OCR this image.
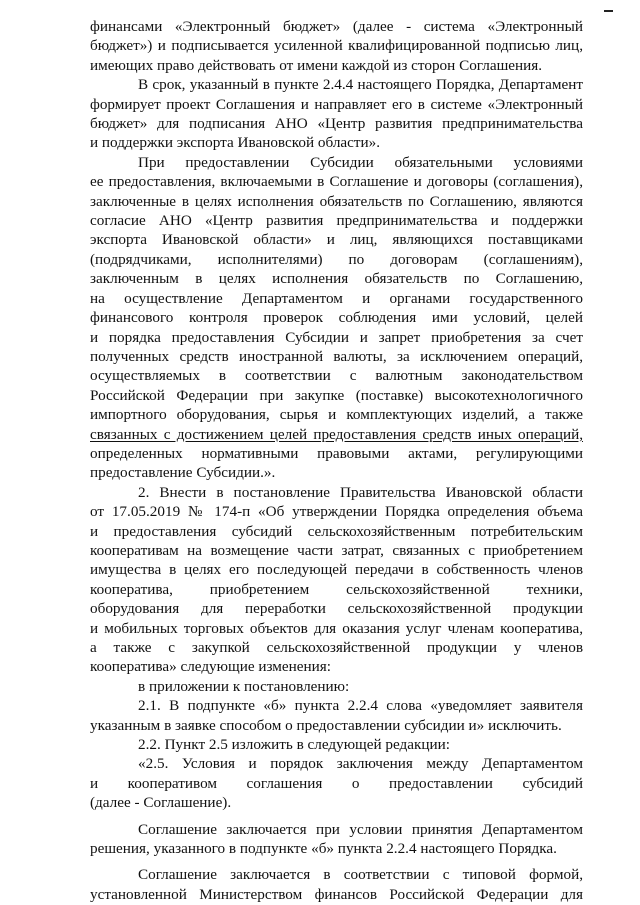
финансами «Электронный бюджет» (далее - система «Электронный

бюджет») и подписывается усиленной квалифицированной подписью лиц,

имеющих право действовать от имени каждой из сторон Соглашения.

В срок, указанный в пункте 2.4.4 настоящего Порядка, Департамент

формирует проект Соглашения и направляет его в системе «Электронный

бюджет» для подписания АНО «Центр развития предпринимательства

и поддержки экспорта Ивановской области».

При предоставлении Субсидии обязательными условиями

ее предоставления, включаемыми в Соглашение и договоры (соглашения),

заключенные в целях исполнения обязательств по Соглашению, являются

согласие АНО «Центр развития предпринимательства и поддержки

экспорта Ивановской области» и лиц, являющихся поставщиками

(подрядчиками, исполнителями) по договорам (соглашениям),

заключенным в целях исполнения обязательств по Соглашению,

на осуществление Департаментом и органами государственного

финансового контроля проверок соблюдения ими условий, целей

и порядка предоставления Субсидии и запрет приобретения за счет

полученных средств иностранной валюты, за исключением операций,

осуществляемых в соответствии с валютным законодательством

Российской Федерации при закупке (поставке) высокотехнологичного

импортного оборудования, сырья и комплектующих изделий, а также

связанных с достижением целей предоставления средств иных операций,

определенных нормативными правовыми актами, регулирующими

предоставление Субсидии.».

2. Внести в постановление Правительства Ивановской области

от 17.05.2019 № 174-п «Об утверждении Порядка определения объема

и предоставления субсидий сельскохозяйственным потребительским

кооперативам на возмещение части затрат, связанных с приобретением

имущества в целях его последующей передачи в собственность членов

кооператива, приобретением сельскохозяйственной техники,

оборудования для переработки сельскохозяйственной продукции

и мобильных торговых объектов для оказания услуг членам кооператива,

а также с закупкой сельскохозяйственной продукции у членов

кооператива» следующие изменения:

в приложении к постановлению:

2.1. В подпункте «б» пункта 2.2.4 слова «уведомляет заявителя

указанным в заявке способом о предоставлении субсидии и» исключить.

2.2. Пункт 2.5 изложить в следующей редакции:

«2.5. Условия и порядок заключения между Департаментом

и кооперативом соглашения о предоставлении субсидий

(далее - Соглашение).

Соглашение заключается при условии принятия Департаментом

решения, указанного в подпункте «б» пункта 2.2.4 настоящего Порядка.

Соглашение заключается в соответствии с типовой формой,

установленной Министерством финансов Российской Федерации для
